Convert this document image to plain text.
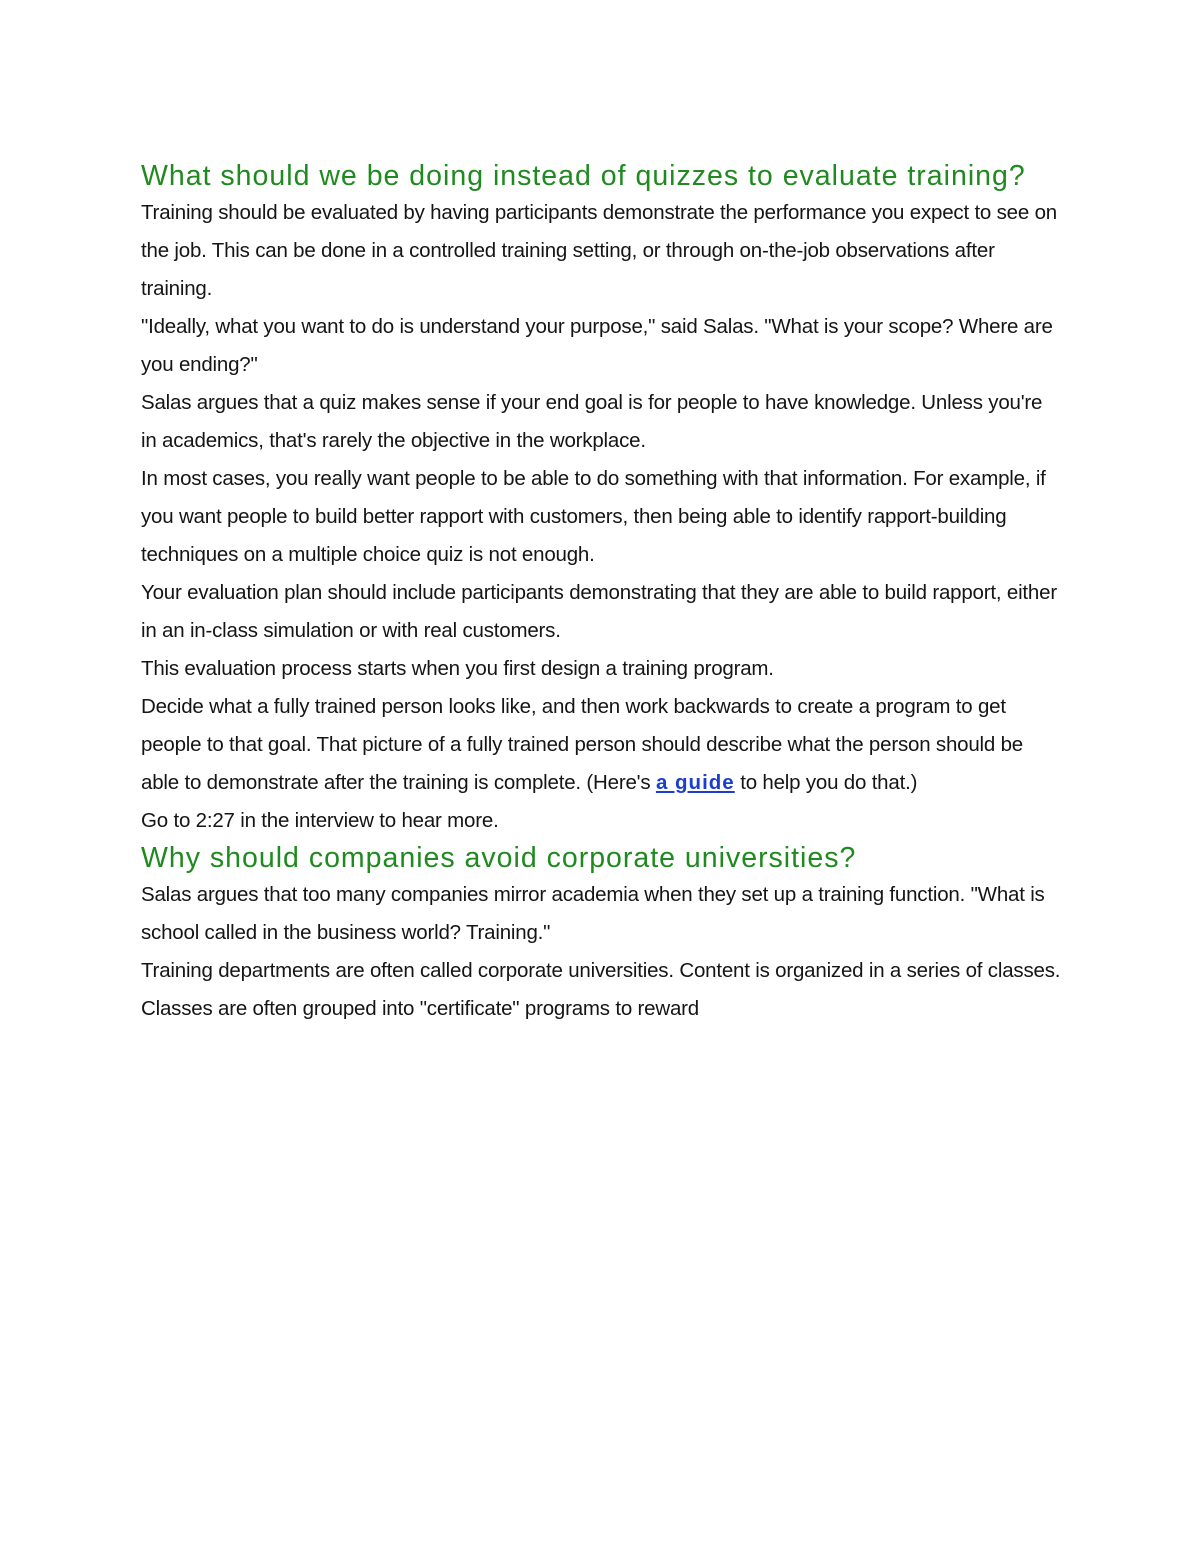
What should we be doing instead of quizzes to evaluate training?

Training should be evaluated by having participants demonstrate the performance you expect to see on the job. This can be done in a controlled training setting, or through on-the-job observations after training.

"Ideally, what you want to do is understand your purpose," said Salas. "What is your scope? Where are you ending?"

Salas argues that a quiz makes sense if your end goal is for people to have knowledge. Unless you're in academics, that's rarely the objective in the workplace.

In most cases, you really want people to be able to do something with that information. For example, if you want people to build better rapport with customers, then being able to identify rapport-building techniques on a multiple choice quiz is not enough.

Your evaluation plan should include participants demonstrating that they are able to build rapport, either in an in-class simulation or with real customers.

This evaluation process starts when you first design a training program.

Decide what a fully trained person looks like, and then work backwards to create a program to get people to that goal. That picture of a fully trained person should describe what the person should be able to demonstrate after the training is complete. (Here's a guide to help you do that.)

Go to 2:27 in the interview to hear more.

Why should companies avoid corporate universities?

Salas argues that too many companies mirror academia when they set up a training function. "What is school called in the business world? Training."

Training departments are often called corporate universities. Content is organized in a series of classes. Classes are often grouped into "certificate" programs to reward
